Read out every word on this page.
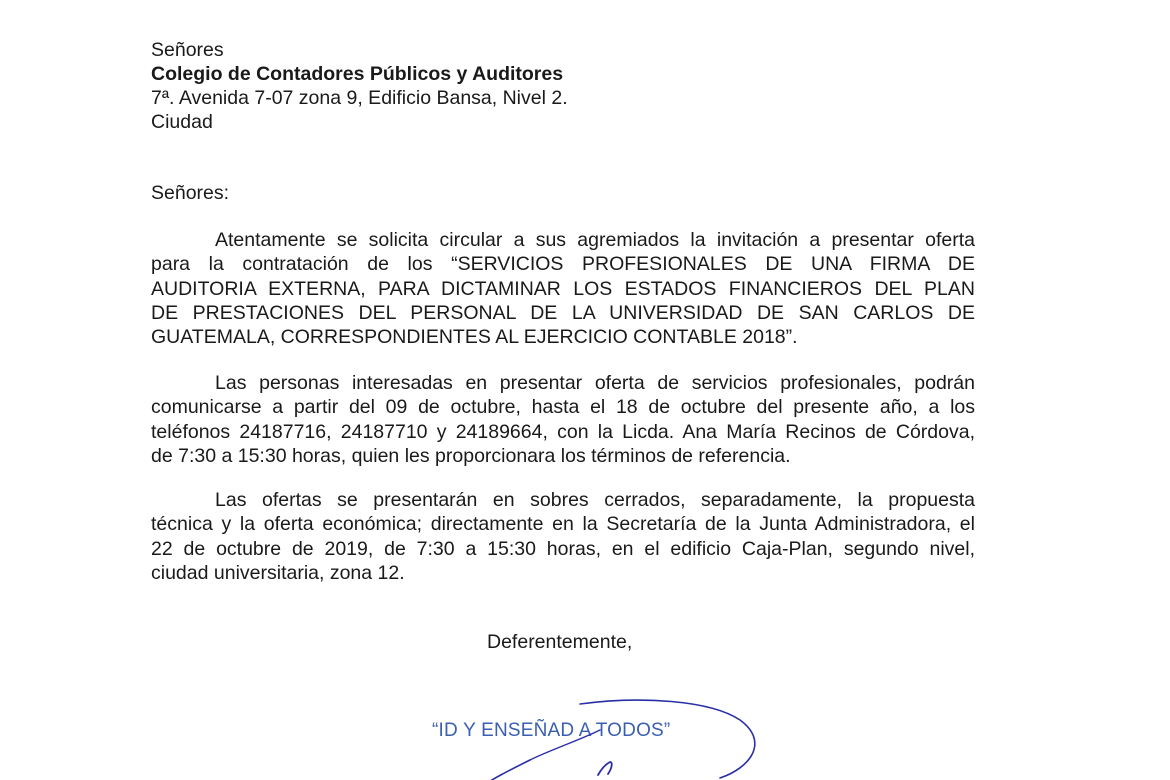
Señores

Colegio de Contadores Públicos y Auditores

7ª. Avenida 7-07 zona 9, Edificio Bansa, Nivel 2.

Ciudad

Señores:

Atentamente se solicita circular a sus agremiados la invitación a presentar oferta
para la contratación de los “SERVICIOS PROFESIONALES DE UNA FIRMA DE
AUDITORIA EXTERNA, PARA DICTAMINAR LOS ESTADOS FINANCIEROS DEL PLAN
DE PRESTACIONES DEL PERSONAL DE LA UNIVERSIDAD DE SAN CARLOS DE
GUATEMALA, CORRESPONDIENTES AL EJERCICIO CONTABLE 2018”.
Las personas interesadas en presentar oferta de servicios profesionales, podrán
comunicarse a partir del 09 de octubre, hasta el 18 de octubre del presente año, a los
teléfonos 24187716, 24187710 y 24189664, con la Licda. Ana María Recinos de Córdova,
de 7:30 a 15:30 horas, quien les proporcionara los términos de referencia.
Las ofertas se presentarán en sobres cerrados, separadamente, la propuesta
técnica y la oferta económica; directamente en la Secretaría de la Junta Administradora, el
22 de octubre de 2019, de 7:30 a 15:30 horas, en el edificio Caja-Plan, segundo nivel,
ciudad universitaria, zona 12.

Deferentemente,

“ID Y ENSEÑAD A TODOS”
